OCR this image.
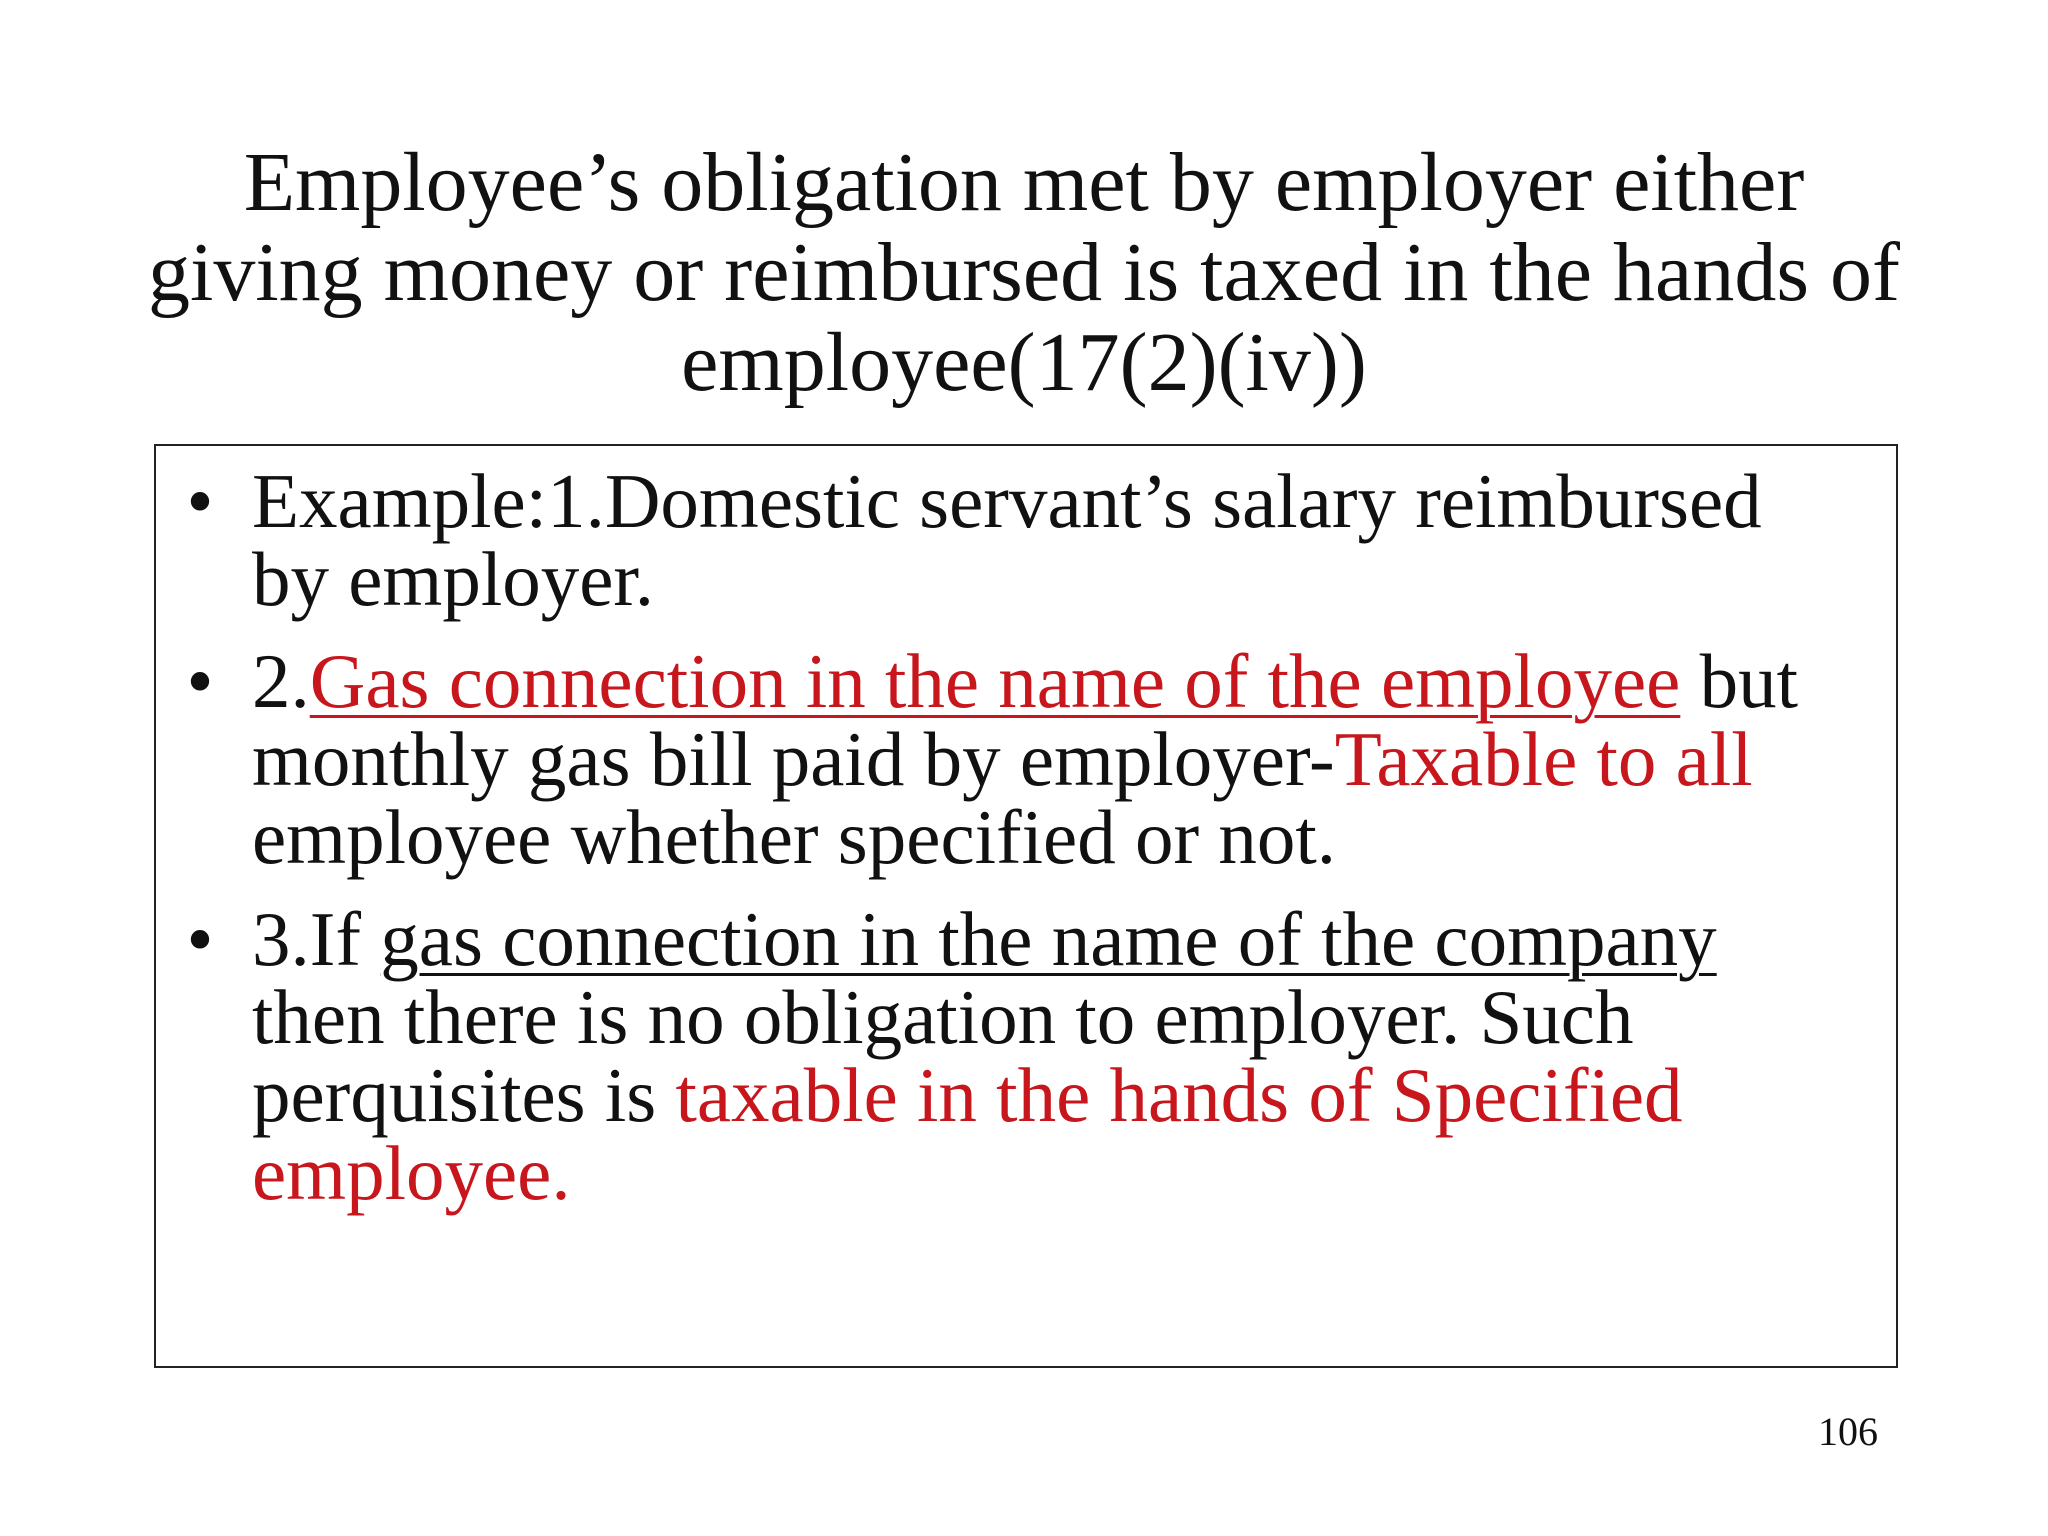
Employee’s obligation met by employer either giving money or reimbursed is taxed in the hands of employee(17(2)(iv))
• Example:1.Domestic servant’s salary reimbursed by employer.
• 2.Gas connection in the name of the employee but monthly gas bill paid by employer-Taxable to all employee whether specified or not.
• 3.If gas connection in the name of the company then there is no obligation to employer. Such perquisites is taxable in the hands of Specified employee.
106
